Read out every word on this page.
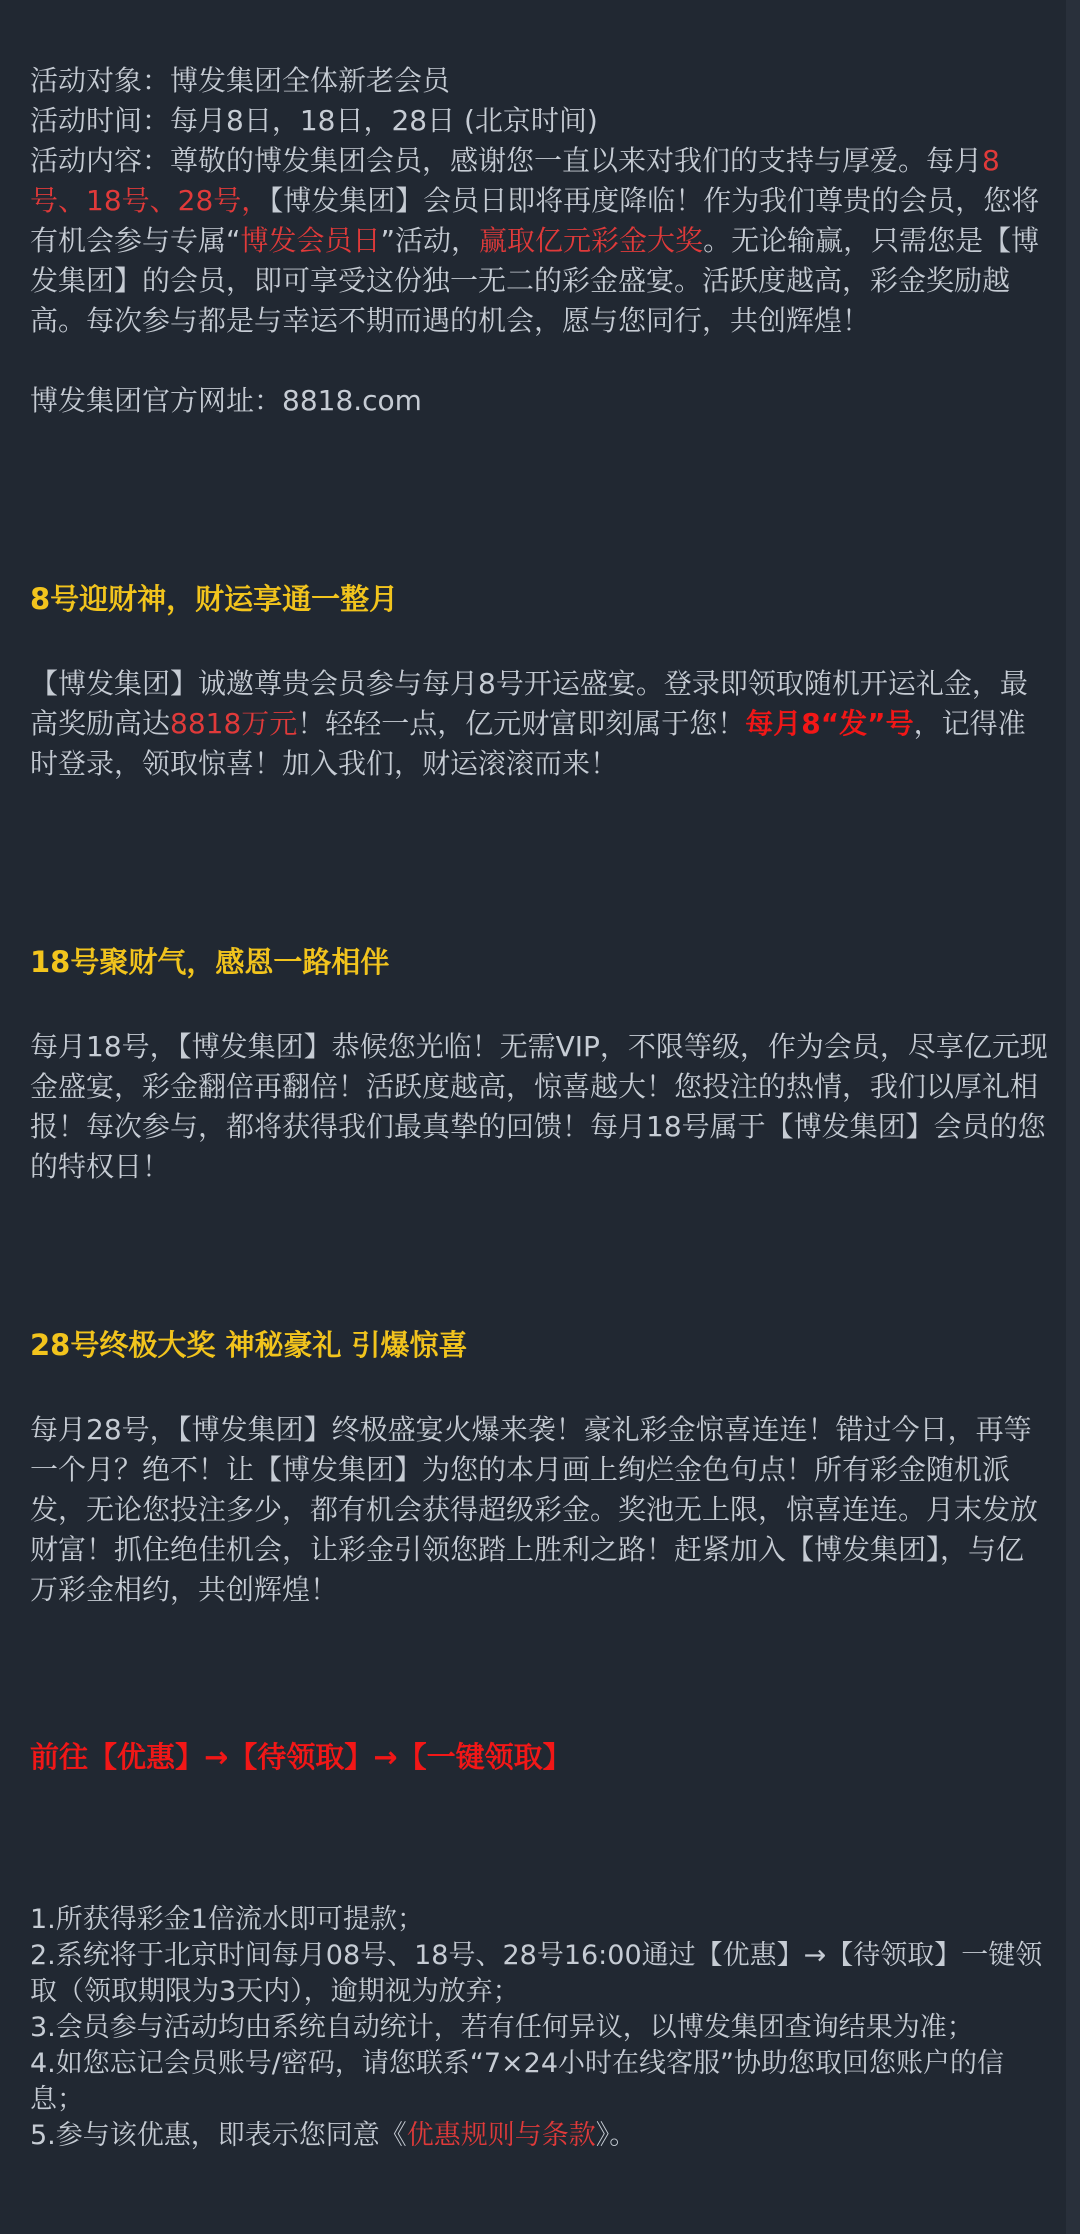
活动对象：博发集团全体新老会员

活动时间：每月8日，18日，28日 (北京时间)

活动内容：尊敬的博发集团会员，感谢您一直以来对我们的支持与厚爱。每月8号、18号、28号，【博发集团】会员日即将再度降临！作为我们尊贵的会员，您将有机会参与专属“博发会员日”活动，赢取亿元彩金大奖。无论输赢，只需您是【博发集团】的会员，即可享受这份独一无二的彩金盛宴。活跃度越高，彩金奖励越高。每次参与都是与幸运不期而遇的机会，愿与您同行，共创辉煌！

博发集团官方网址：8818.com

8号迎财神，财运享通一整月

【博发集团】诚邀尊贵会员参与每月8号开运盛宴。登录即领取随机开运礼金，最高奖励高达8818万元！轻轻一点，亿元财富即刻属于您！每月8“发”号，记得准时登录，领取惊喜！加入我们，财运滚滚而来！

18号聚财气，感恩一路相伴

每月18号，【博发集团】恭候您光临！无需VIP，不限等级，作为会员，尽享亿元现金盛宴，彩金翻倍再翻倍！活跃度越高，惊喜越大！您投注的热情，我们以厚礼相报！每次参与，都将获得我们最真挚的回馈！每月18号属于【博发集团】会员的您的特权日！

28号终极大奖 神秘豪礼 引爆惊喜

每月28号，【博发集团】终极盛宴火爆来袭！豪礼彩金惊喜连连！错过今日，再等一个月？绝不！让【博发集团】为您的本月画上绚烂金色句点！所有彩金随机派发，无论您投注多少，都有机会获得超级彩金。奖池无上限，惊喜连连。月末发放财富！抓住绝佳机会，让彩金引领您踏上胜利之路！赶紧加入【博发集团】，与亿万彩金相约，共创辉煌！

前往【优惠】→【待领取】→【一键领取】

1.所获得彩金1倍流水即可提款；

2.系统将于北京时间每月08号、18号、28号16:00通过【优惠】→【待领取】一键领取（领取期限为3天内），逾期视为放弃；

3.会员参与活动均由系统自动统计，若有任何异议，以博发集团查询结果为准；

4.如您忘记会员账号/密码，请您联系“7×24小时在线客服”协助您取回您账户的信息；

5.参与该优惠，即表示您同意《优惠规则与条款》。
